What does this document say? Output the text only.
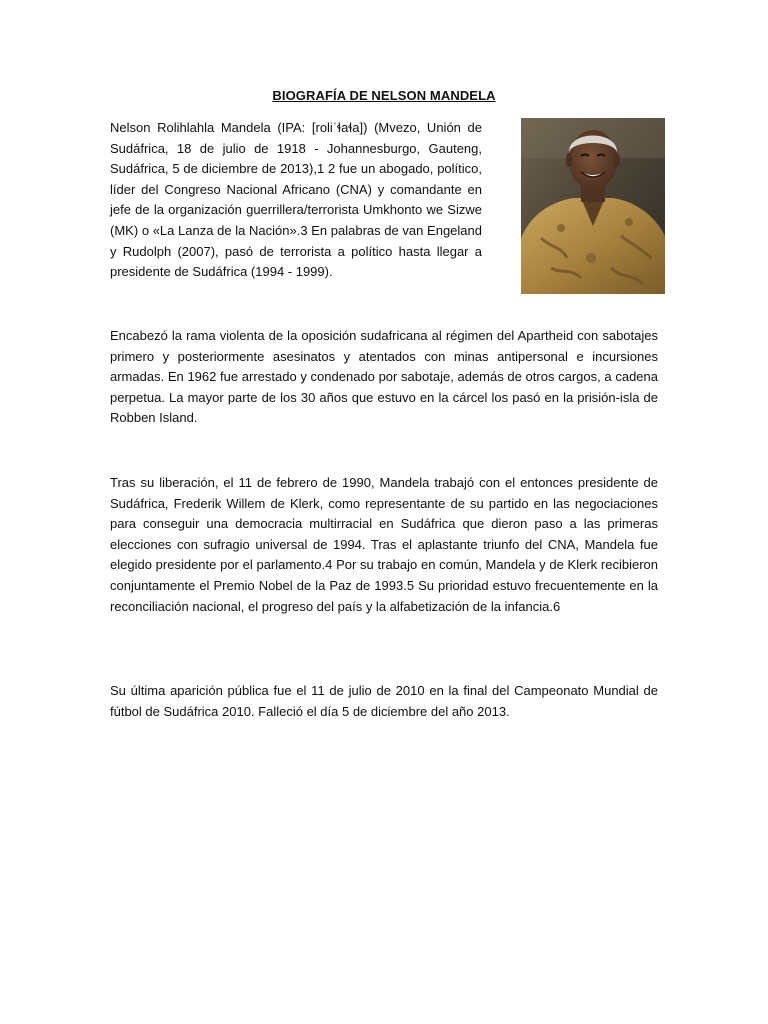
BIOGRAFÍA DE NELSON MANDELA

Nelson Rolihlahla Mandela (IPA: [roliˈɬaɬa]) (Mvezo, Unión de Sudáfrica, 18 de julio de 1918 - Johannesburgo, Gauteng, Sudáfrica, 5 de diciembre de 2013),1 2 fue un abogado, político, líder del Congreso Nacional Africano (CNA) y comandante en jefe de la organización guerrillera/terrorista Umkhonto we Sizwe (MK) o «La Lanza de la Nación».3 En palabras de van Engeland y Rudolph (2007), pasó de terrorista a político hasta llegar a presidente de Sudáfrica (1994 - 1999).

Encabezó la rama violenta de la oposición sudafricana al régimen del Apartheid con sabotajes primero y posteriormente asesinatos y atentados con minas antipersonal e incursiones armadas. En 1962 fue arrestado y condenado por sabotaje, además de otros cargos, a cadena perpetua. La mayor parte de los 30 años que estuvo en la cárcel los pasó en la prisión-isla de Robben Island.

Tras su liberación, el 11 de febrero de 1990, Mandela trabajó con el entonces presidente de Sudáfrica, Frederik Willem de Klerk, como representante de su partido en las negociaciones para conseguir una democracia multirracial en Sudáfrica que dieron paso a las primeras elecciones con sufragio universal de 1994. Tras el aplastante triunfo del CNA, Mandela fue elegido presidente por el parlamento.4 Por su trabajo en común, Mandela y de Klerk recibieron conjuntamente el Premio Nobel de la Paz de 1993.5 Su prioridad estuvo frecuentemente en la reconciliación nacional, el progreso del país y la alfabetización de la infancia.6

Su última aparición pública fue el 11 de julio de 2010 en la final del Campeonato Mundial de fútbol de Sudáfrica 2010. Falleció el día 5 de diciembre del año 2013.
